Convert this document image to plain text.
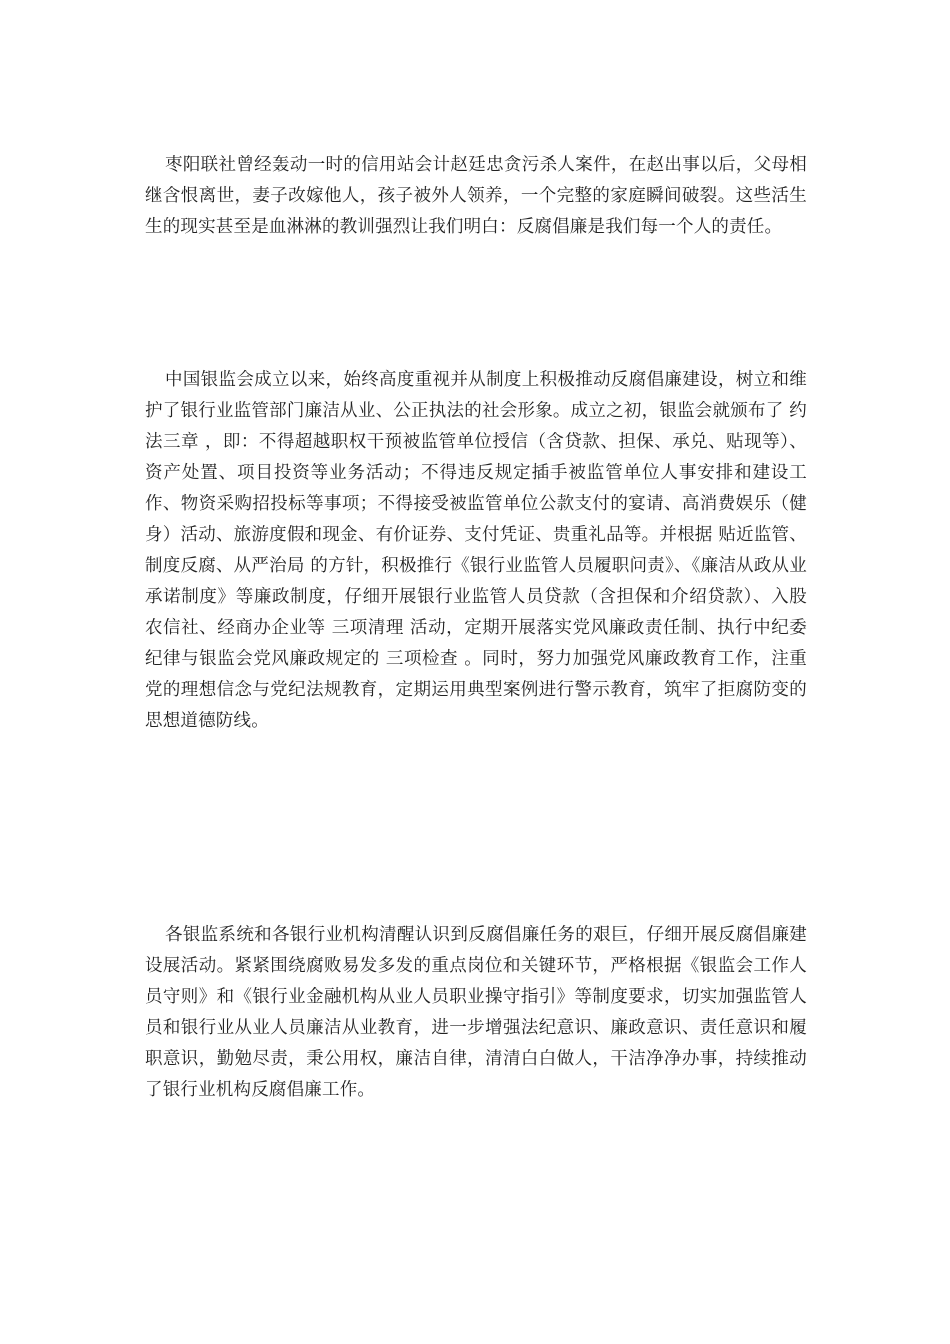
枣阳联社曾经轰动一时的信用站会计赵廷忠贪污杀人案件，在赵出事以后，父母相继含恨离世，妻子改嫁他人，孩子被外人领养，一个完整的家庭瞬间破裂。这些活生生的现实甚至是血淋淋的教训强烈让我们明白：反腐倡廉是我们每一个人的责任。

中国银监会成立以来，始终高度重视并从制度上积极推动反腐倡廉建设，树立和维护了银行业监管部门廉洁从业、公正执法的社会形象。成立之初，银监会就颁布了 约法三章 ，即：不得超越职权干预被监管单位授信（含贷款、担保、承兑、贴现等）、资产处置、项目投资等业务活动；不得违反规定插手被监管单位人事安排和建设工作、物资采购招投标等事项；不得接受被监管单位公款支付的宴请、高消费娱乐（健身）活动、旅游度假和现金、有价证券、支付凭证、贵重礼品等。并根据 贴近监管、制度反腐、从严治局 的方针，积极推行《银行业监管人员履职问责》、《廉洁从政从业承诺制度》等廉政制度，仔细开展银行业监管人员贷款（含担保和介绍贷款）、入股农信社、经商办企业等 三项清理 活动，定期开展落实党风廉政责任制、执行中纪委纪律与银监会党风廉政规定的 三项检查 。同时，努力加强党风廉政教育工作，注重党的理想信念与党纪法规教育，定期运用典型案例进行警示教育，筑牢了拒腐防变的思想道德防线。

各银监系统和各银行业机构清醒认识到反腐倡廉任务的艰巨，仔细开展反腐倡廉建设展活动。紧紧围绕腐败易发多发的重点岗位和关键环节，严格根据《银监会工作人员守则》和《银行业金融机构从业人员职业操守指引》等制度要求，切实加强监管人员和银行业从业人员廉洁从业教育，进一步增强法纪意识、廉政意识、责任意识和履职意识，勤勉尽责，秉公用权，廉洁自律，清清白白做人，干洁净净办事，持续推动了银行业机构反腐倡廉工作。
